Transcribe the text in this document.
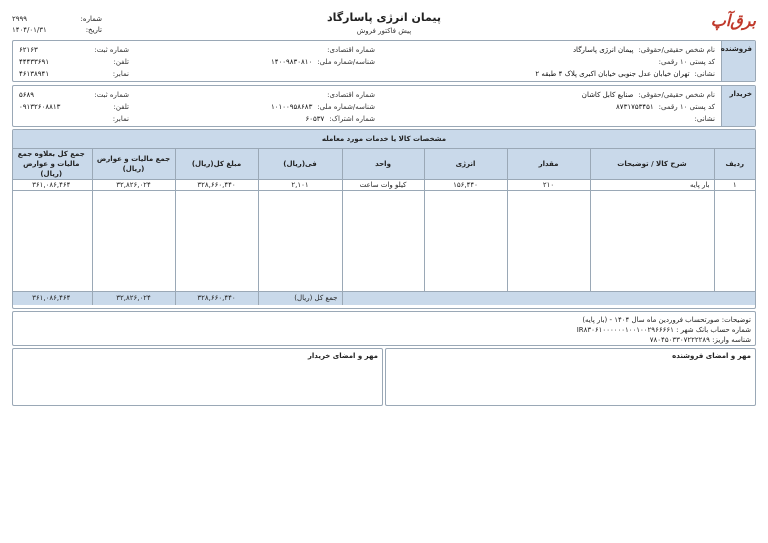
برق‌آپ
پیمان انرژی پاسارگاد
پیش فاکتور فروش
شماره:
۲۹۹۹
تاریخ:
۱۴۰۴/۰۱/۳۱
فروشنده
نام شخص حقیقی/حقوقی:
پیمان انرژی پاسارگاد
کد پستی ۱۰ رقمی:
نشانی:
تهران خیابان عدل جنوبی خیابان اکبری پلاک ۴ طبقه ۲
شماره اقتصادی:
شناسه/شماره ملی:
۱۴۰۰۹۸۳۰۸۱۰
شماره ثبت:
۶۲۱۶۳
تلفن:
۴۴۴۳۳۶۹۱
نمابر:
۴۶۱۳۸۹۴۱
خریدار
نام شخص حقیقی/حقوقی:
صنایع کابل کاشان
کد پستی ۱۰ رقمی:
۸۷۳۱۷۵۳۴۵۱
نشانی:
شماره اقتصادی:
شناسه/شماره ملی:
۱۰۱۰۰۹۵۸۶۸۳
شماره اشتراک:
۶۰۵۳۷
شماره ثبت:
۵۶۸۹
تلفن:
۰۹۱۳۲۶۰۸۸۱۳
نمابر:
مشخصات کالا یا خدمات مورد معامله
ردیف	شرح کالا / توضیحات	مقدار	انرژی	واحد	فی(ریال)	مبلغ کل(ریال)	جمع مالیات و عوارض (ریال)	جمع کل بعلاوه جمع مالیات و عوارض (ریال)
۱	بار پایه	۲۱۰	۱۵۶,۴۴۰	کیلو وات ساعت	۲,۱۰۱	۳۲۸,۶۶۰,۴۴۰	۳۲,۸۲۶,۰۲۴	۳۶۱,۰۸۶,۴۶۴

					جمع کل (ریال)	۳۲۸,۶۶۰,۴۴۰	۳۲,۸۲۶,۰۲۴	۳۶۱,۰۸۶,۴۶۴
توضیحات: صورتحساب فروردین ماه سال ۱۴۰۴ - (بار پایه)
شماره حساب بانک شهر : IR۸۳۰۶۱۰۰۰۰۰۰۱۰۰۱۰۰۲۹۶۶۶۶۱
شناسه واریز: ۷۸۰۴۵۰۳۳۰۷۲۲۲۲۸۹
مهر و امضای فروشنده
مهر و امضای خریدار
